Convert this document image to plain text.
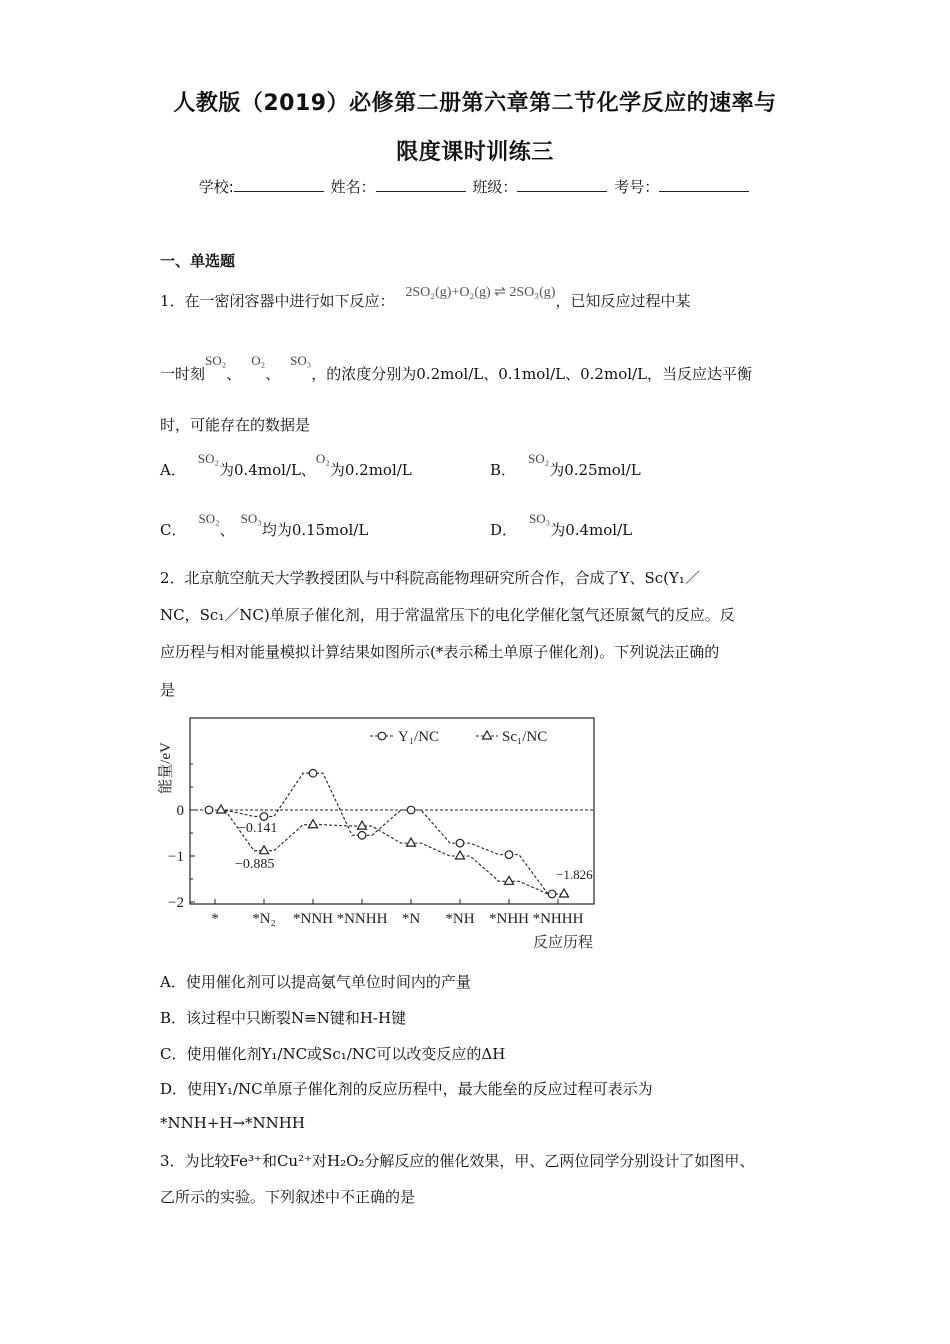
人教版（2019）必修第二册第六章第二节化学反应的速率与
限度课时训练三
学校:	姓名：	班级：	考号：
一、单选题
1．在一密闭容器中进行如下反应： 2SO₂(g)+O₂(g) ⇌ 2SO₃(g)，已知反应过程中某
一时刻SO₂、O₂、SO₃，的浓度分别为0.2mol/L、0.1mol/L、0.2mol/L，当反应达平衡
时，可能存在的数据是
A．SO₂为0.4mol/L、O₂为0.2mol/L	B．SO₂为0.25mol/L
C．SO₂、SO₃均为0.15mol/L	D．SO₃为0.4mol/L
2．北京航空航天大学教授团队与中科院高能物理研究所合作，合成了Y、Sc(Y₁／
NC，Sc₁／NC)单原子催化剂，用于常温常压下的电化学催化氢气还原氮气的反应。反
应历程与相对能量模拟计算结果如图所示(*表示稀土单原子催化剂)。下列说法正确的
是
0
−1
−2
* *N₂ *NNH *NNHH *N *NH *NHH *NHHH
能量/eV
反应历程
Y₁/NC	Sc₁/NC
−0.141
−0.885
−1.826
A．使用催化剂可以提高氨气单位时间内的产量
B．该过程中只断裂N≡N键和H-H键
C．使用催化剂Y₁/NC或Sc₁/NC可以改变反应的ΔH
D．使用Y₁/NC单原子催化剂的反应历程中，最大能垒的反应过程可表示为
*NNH+H→*NNHH
3．为比较Fe³⁺和Cu²⁺对H₂O₂分解反应的催化效果，甲、乙两位同学分别设计了如图甲、
乙所示的实验。下列叙述中不正确的是
